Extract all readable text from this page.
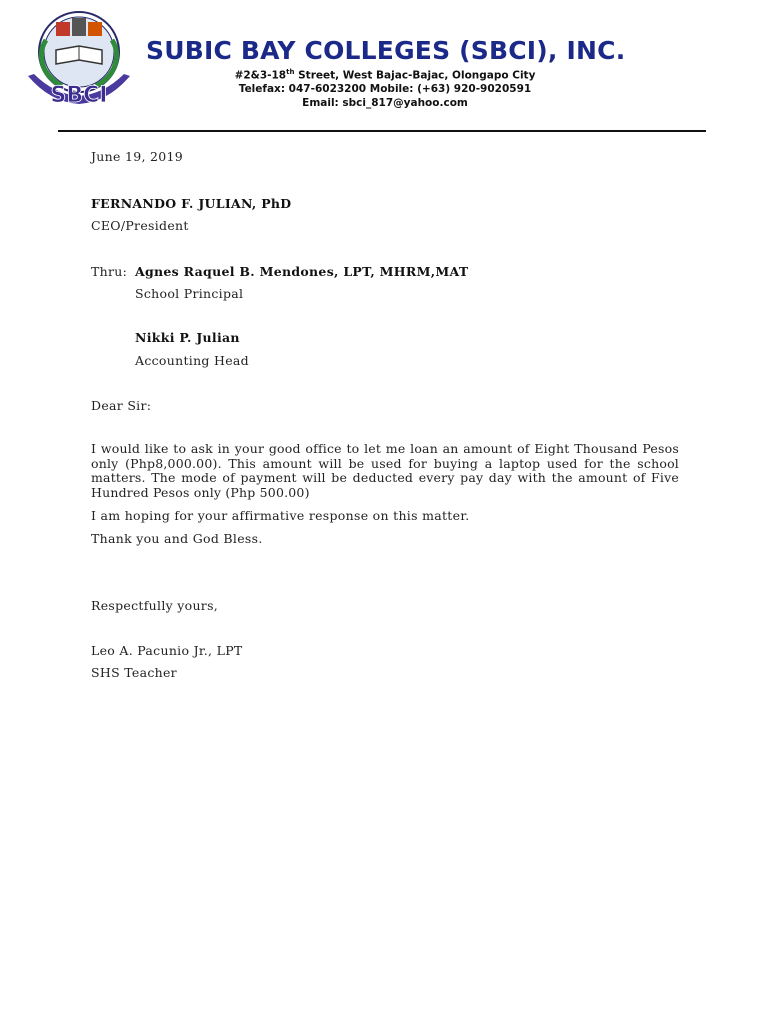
SBCI
SUBIC BAY COLLEGES (SBCI), INC.

#2&3-18th Street, West Bajac-Bajac, Olongapo City

Telefax: 047-6023200 Mobile: (+63) 920-9020591

Email: sbci_817@yahoo.com

June 19, 2019

FERNANDO F. JULIAN, PhD

CEO/President

Thru: Agnes Raquel B. Mendones, LPT, MHRM,MAT

School Principal

Nikki P. Julian

Accounting Head

Dear Sir:

I would like to ask in your good office to let me loan an amount of Eight Thousand Pesos only (Php8,000.00). This amount will be used for buying a laptop used for the school matters. The mode of payment will be deducted every pay day with the amount of Five Hundred Pesos only (Php 500.00)

I am hoping for your affirmative response on this matter.

Thank you and God Bless.

Respectfully yours,

Leo A. Pacunio Jr., LPT

SHS Teacher
